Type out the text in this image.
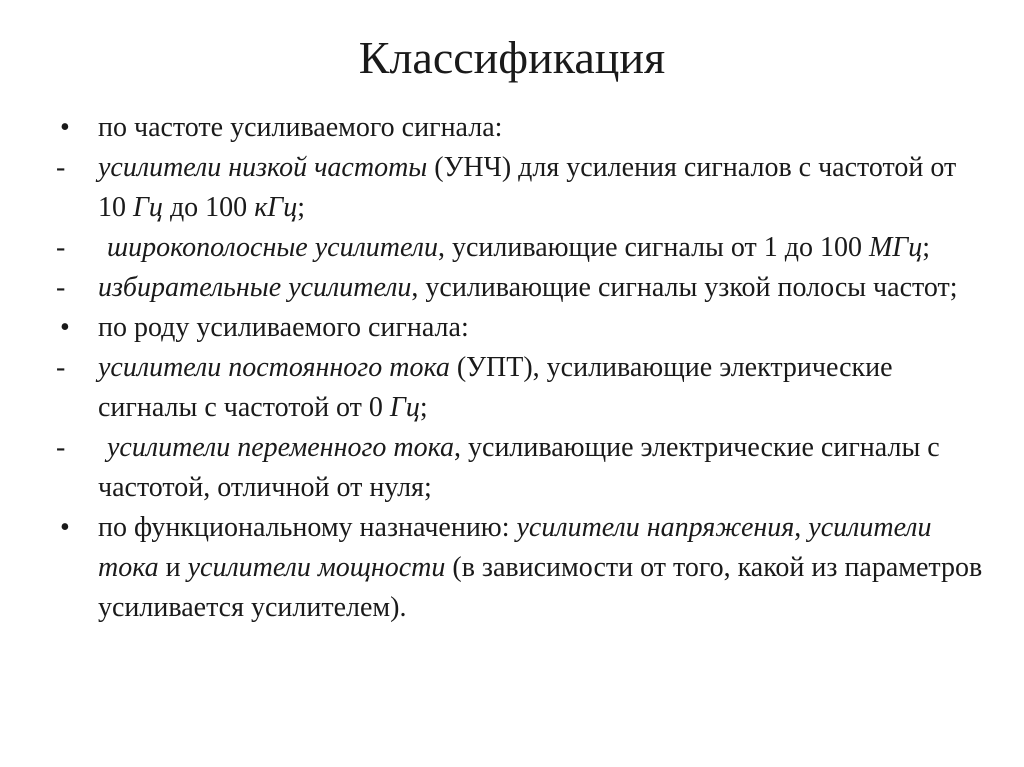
Классификация

•	по частоте усиливаемого сигнала:

-	усилители низкой частоты (УНЧ) для усиления сигналов с частотой от 10 Гц до 100 кГц;

-	широкополосные усилители, усиливающие сигналы от 1 до 100 МГц;

-	избирательные усилители, усиливающие сигналы узкой полосы частот;

•	по роду усиливаемого сигнала:

-	усилители постоянного тока (УПТ), усиливающие электрические сигналы с частотой от 0 Гц;

-	усилители переменного тока, усиливающие электрические сигналы с частотой, отличной от нуля;

•	по функциональному назначению: усилители напряжения, усилители тока и усилители мощности (в зависимости от того, какой из параметров усиливается усилителем).
